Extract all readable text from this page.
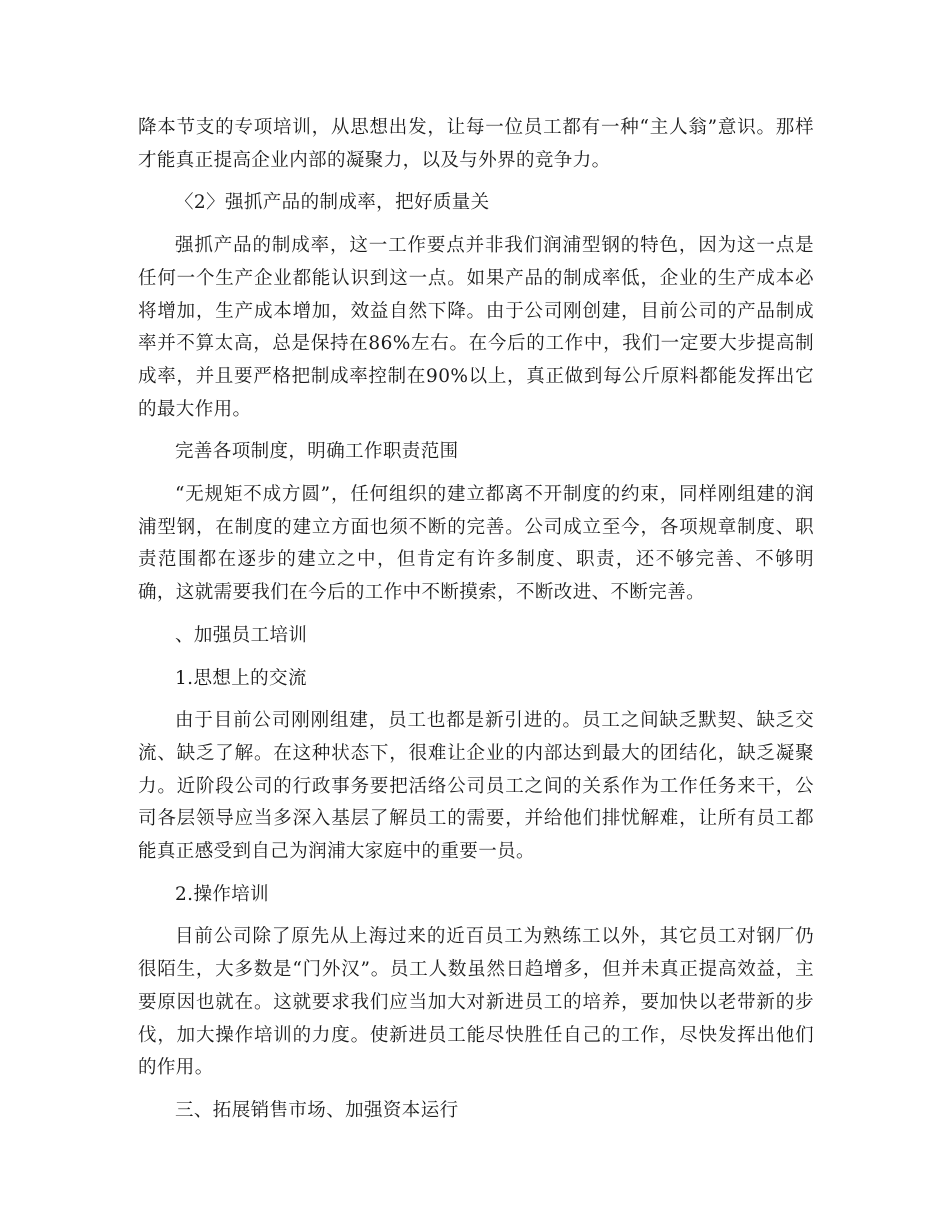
降本节支的专项培训，从思想出发，让每一位员工都有一种“主人翁”意识。那样才能真正提高企业内部的凝聚力，以及与外界的竞争力。

〈2〉强抓产品的制成率，把好质量关

强抓产品的制成率，这一工作要点并非我们润浦型钢的特色，因为这一点是任何一个生产企业都能认识到这一点。如果产品的制成率低，企业的生产成本必将增加，生产成本增加，效益自然下降。由于公司刚创建，目前公司的产品制成率并不算太高，总是保持在86%左右。在今后的工作中，我们一定要大步提高制成率，并且要严格把制成率控制在90%以上，真正做到每公斤原料都能发挥出它的最大作用。

完善各项制度，明确工作职责范围

“无规矩不成方圆”，任何组织的建立都离不开制度的约束，同样刚组建的润浦型钢，在制度的建立方面也须不断的完善。公司成立至今，各项规章制度、职责范围都在逐步的建立之中，但肯定有许多制度、职责，还不够完善、不够明确，这就需要我们在今后的工作中不断摸索，不断改进、不断完善。

、加强员工培训

1.思想上的交流

由于目前公司刚刚组建，员工也都是新引进的。员工之间缺乏默契、缺乏交流、缺乏了解。在这种状态下，很难让企业的内部达到最大的团结化，缺乏凝聚力。近阶段公司的行政事务要把活络公司员工之间的关系作为工作任务来干，公司各层领导应当多深入基层了解员工的需要，并给他们排忧解难，让所有员工都能真正感受到自己为润浦大家庭中的重要一员。

2.操作培训

目前公司除了原先从上海过来的近百员工为熟练工以外，其它员工对钢厂仍很陌生，大多数是“门外汉”。员工人数虽然日趋增多，但并未真正提高效益，主要原因也就在。这就要求我们应当加大对新进员工的培养，要加快以老带新的步伐，加大操作培训的力度。使新进员工能尽快胜任自己的工作，尽快发挥出他们的作用。

三、拓展销售市场、加强资本运行
